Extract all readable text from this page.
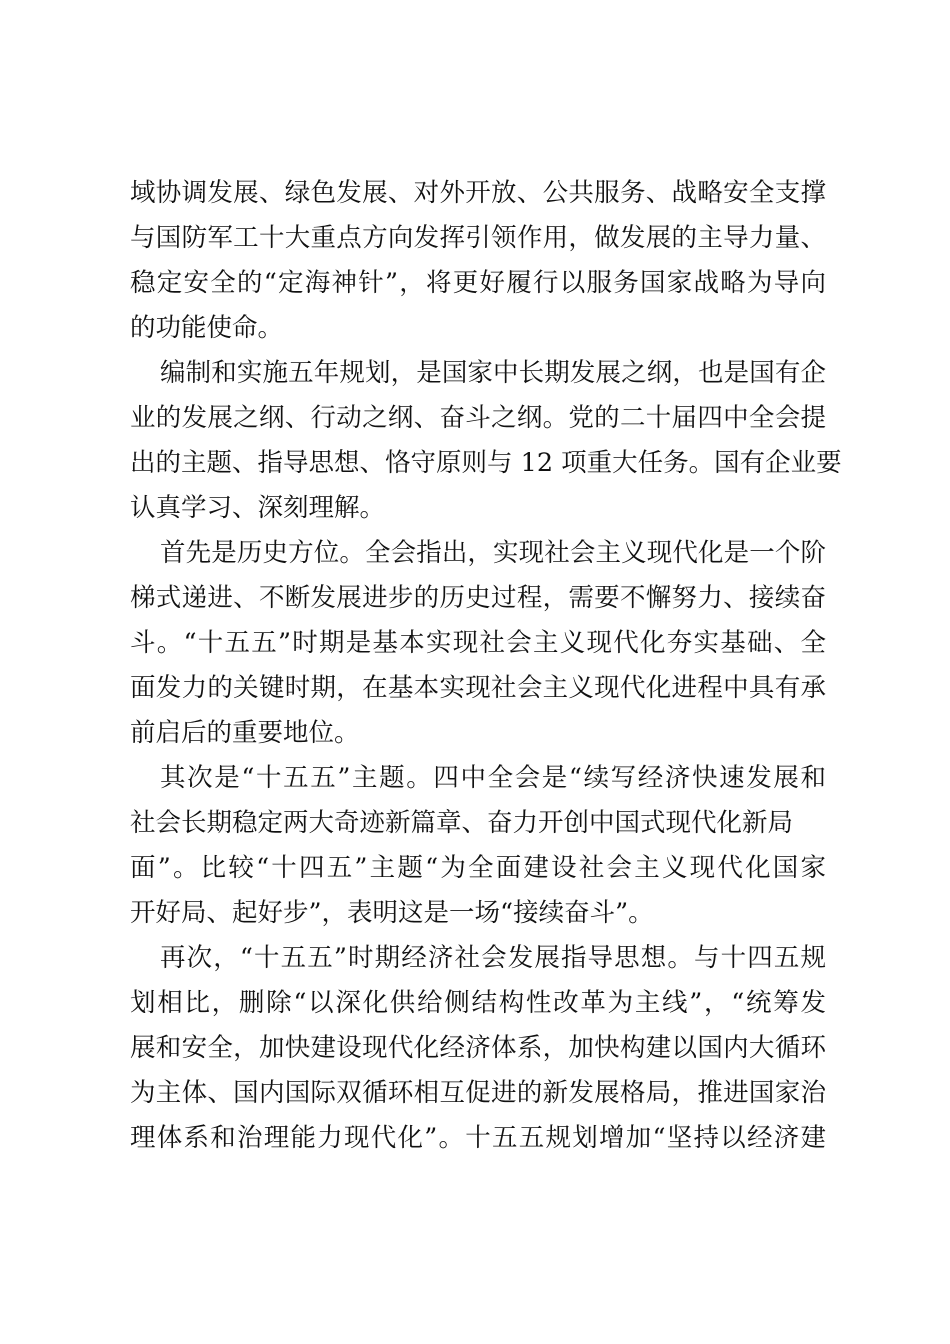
域协调发展、绿色发展、对外开放、公共服务、战略安全支撑
与国防军工十大重点方向发挥引领作用，做发展的主导力量、
稳定安全的“定海神针”，将更好履行以服务国家战略为导向
的功能使命。
编制和实施五年规划，是国家中长期发展之纲，也是国有企
业的发展之纲、行动之纲、奋斗之纲。党的二十届四中全会提
出的主题、指导思想、恪守原则与 12 项重大任务。国有企业要
认真学习、深刻理解。
首先是历史方位。全会指出，实现社会主义现代化是一个阶
梯式递进、不断发展进步的历史过程，需要不懈努力、接续奋
斗。“十五五”时期是基本实现社会主义现代化夯实基础、全
面发力的关键时期，在基本实现社会主义现代化进程中具有承
前启后的重要地位。
其次是“十五五”主题。四中全会是“续写经济快速发展和
社会长期稳定两大奇迹新篇章、奋力开创中国式现代化新局
面”。比较“十四五”主题“为全面建设社会主义现代化国家
开好局、起好步”，表明这是一场“接续奋斗”。
再次，“十五五”时期经济社会发展指导思想。与十四五规
划相比，删除“以深化供给侧结构性改革为主线”，“统筹发
展和安全，加快建设现代化经济体系，加快构建以国内大循环
为主体、国内国际双循环相互促进的新发展格局，推进国家治
理体系和治理能力现代化”。十五五规划增加“坚持以经济建
